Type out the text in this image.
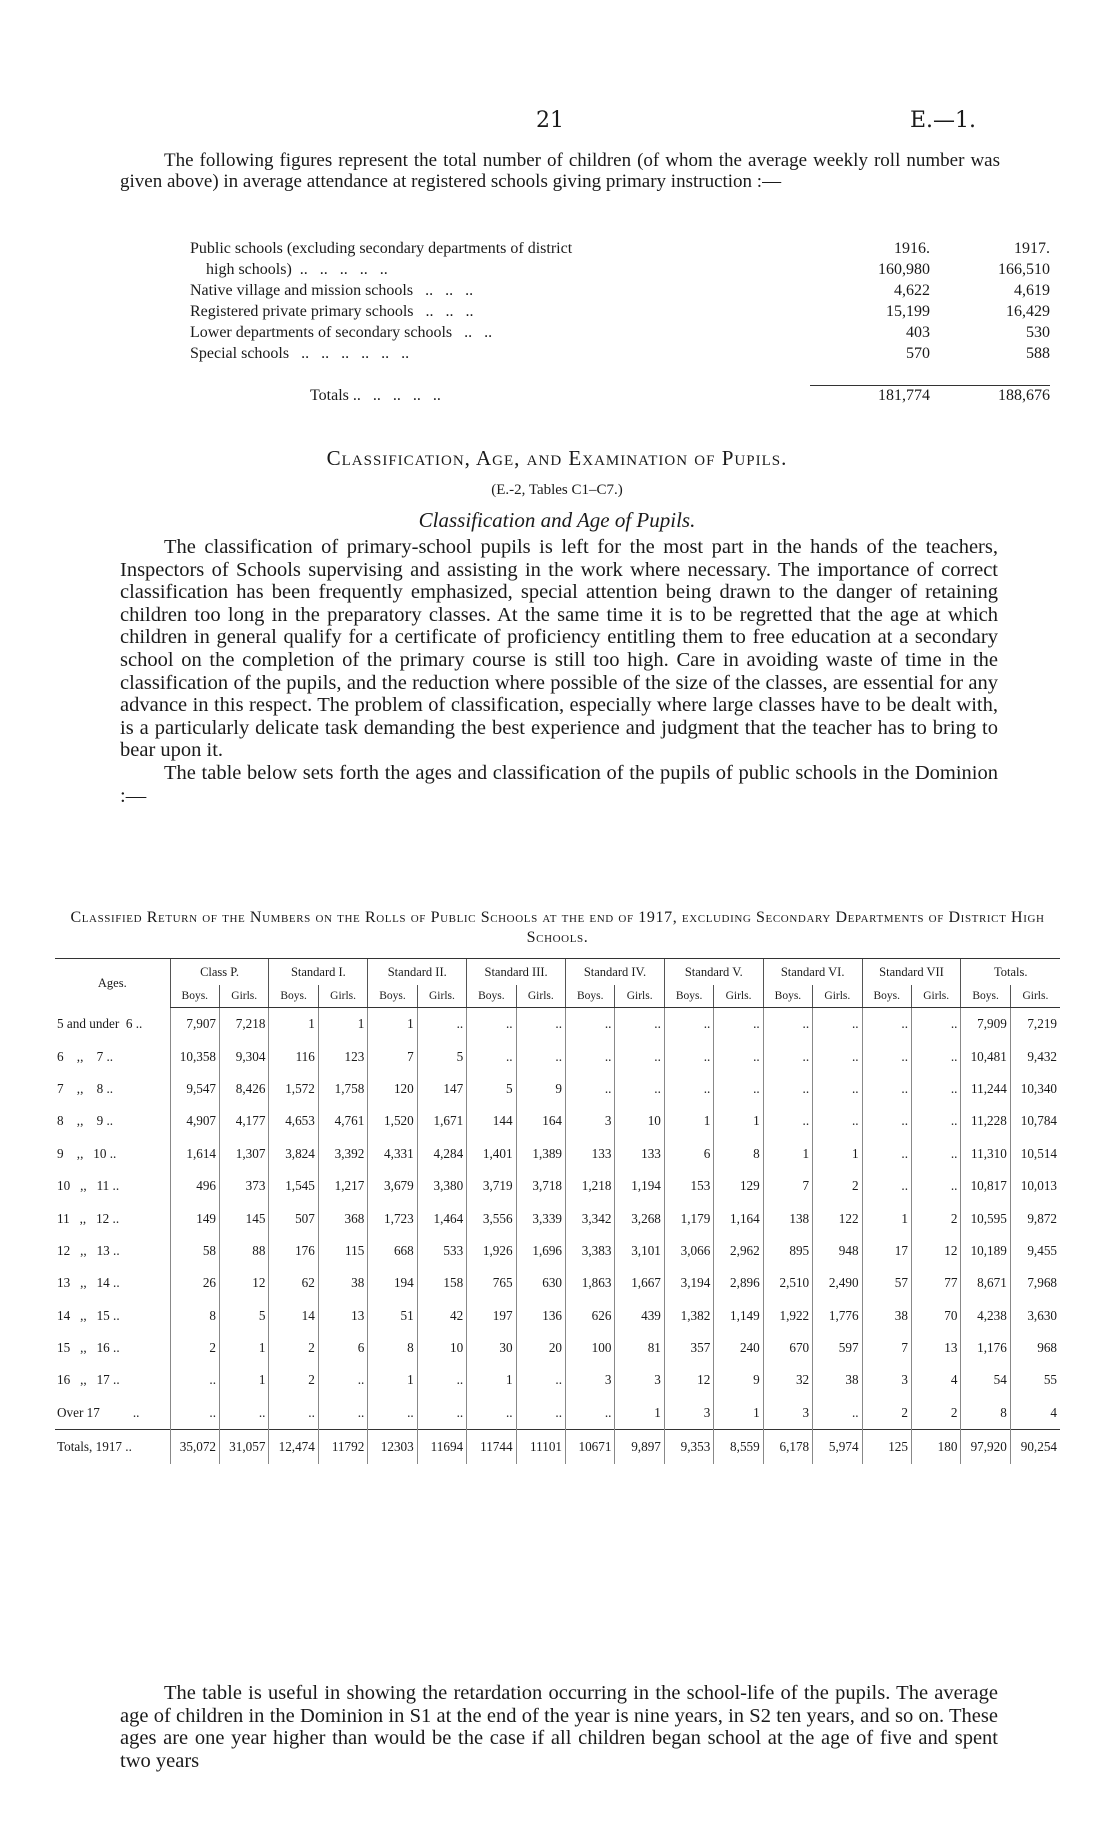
21	E.—1.
The following figures represent the total number of children (of whom the average weekly roll number was given above) in average attendance at registered schools giving primary instruction :—
Public schools (excluding secondary departments of district	1916.	1917.
high schools)  ..   ..   ..   ..   ..	160,980	166,510
Native village and mission schools   ..   ..   ..	4,622	4,619
Registered private primary schools   ..   ..   ..	15,199	16,429
Lower departments of secondary schools   ..   ..	403	530
Special schools   ..   ..   ..   ..   ..   ..	570	588

Totals ..   ..   ..   ..   ..	181,774	188,676
Classification, Age, and Examination of Pupils.
(E.-2, Tables C1–C7.)
Classification and Age of Pupils.

The classification of primary-school pupils is left for the most part in the hands of the teachers, Inspectors of Schools supervising and assisting in the work where necessary. The importance of correct classification has been frequently emphasized, special attention being drawn to the danger of retaining children too long in the preparatory classes. At the same time it is to be regretted that the age at which children in general qualify for a certificate of proficiency entitling them to free education at a secondary school on the completion of the primary course is still too high. Care in avoiding waste of time in the classification of the pupils, and the reduction where possible of the size of the classes, are essential for any advance in this respect. The problem of classification, especially where large classes have to be dealt with, is a particularly delicate task demanding the best experience and judgment that the teacher has to bring to bear upon it.

The table below sets forth the ages and classification of the pupils of public schools in the Dominion :—

Classified Return of the Numbers on the Rolls of Public Schools at the end of 1917, excluding Secondary Departments of District High Schools.
Ages.	Class P.		Standard I.		Standard II.		Standard III.		Standard IV.		Standard V.		Standard VI.		Standard VII		Totals.	
	Boys.	Girls.	Boys.	Girls.	Boys.	Girls.	Boys.	Girls.	Boys.	Girls.	Boys.	Girls.	Boys.	Girls.	Boys.	Girls.	Boys.	Girls.
5 and under  6 ..	7,907	7,218	1	1	1	..	..	..	..	..	..	..	..	..	..	..	7,909	7,219
6    ,,    7 ..	10,358	9,304	116	123	7	5	..	..	..	..	..	..	..	..	..	..	10,481	9,432
7    ,,    8 ..	9,547	8,426	1,572	1,758	120	147	5	9	..	..	..	..	..	..	..	..	11,244	10,340
8    ,,    9 ..	4,907	4,177	4,653	4,761	1,520	1,671	144	164	3	10	1	1	..	..	..	..	11,228	10,784
9    ,,   10 ..	1,614	1,307	3,824	3,392	4,331	4,284	1,401	1,389	133	133	6	8	1	1	..	..	11,310	10,514
10   ,,   11 ..	496	373	1,545	1,217	3,679	3,380	3,719	3,718	1,218	1,194	153	129	7	2	..	..	10,817	10,013
11   ,,   12 ..	149	145	507	368	1,723	1,464	3,556	3,339	3,342	3,268	1,179	1,164	138	122	1	2	10,595	9,872
12   ,,   13 ..	58	88	176	115	668	533	1,926	1,696	3,383	3,101	3,066	2,962	895	948	17	12	10,189	9,455
13   ,,   14 ..	26	12	62	38	194	158	765	630	1,863	1,667	3,194	2,896	2,510	2,490	57	77	8,671	7,968
14   ,,   15 ..	8	5	14	13	51	42	197	136	626	439	1,382	1,149	1,922	1,776	38	70	4,238	3,630
15   ,,   16 ..	2	1	2	6	8	10	30	20	100	81	357	240	670	597	7	13	1,176	968
16   ,,   17 ..	..	1	2	..	1	..	1	..	3	3	12	9	32	38	3	4	54	55
Over 17          ..	..	..	..	..	..	..	..	..	..	1	3	1	3	..	2	2	8	4
Totals, 1917 ..	35,072	31,057	12,474	11792	12303	11694	11744	11101	10671	9,897	9,353	8,559	6,178	5,974	125	180	97,920	90,254

The table is useful in showing the retardation occurring in the school-life of the pupils. The average age of children in the Dominion in S1 at the end of the year is nine years, in S2 ten years, and so on. These ages are one year higher than would be the case if all children began school at the age of five and spent two years
